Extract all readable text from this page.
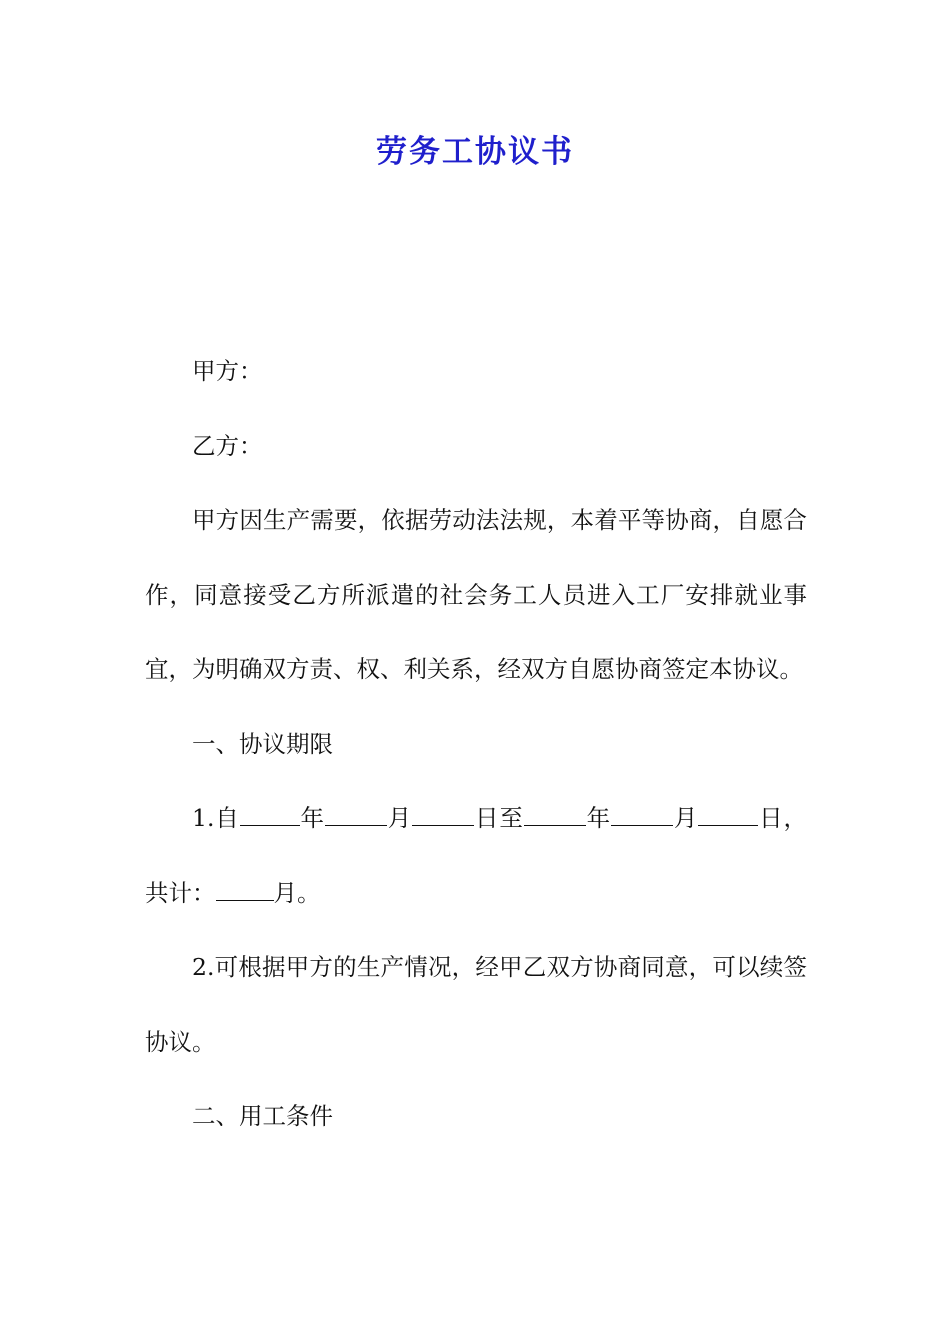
劳务工协议书

甲方：

乙方：

甲方因生产需要，依据劳动法法规，本着平等协商，自愿合作，同意接受乙方所派遣的社会务工人员进入工厂安排就业事宜，为明确双方责、权、利关系，经双方自愿协商签定本协议。

一、协议期限

1.自	年	月	日至	年	月	日，共计： 月。

2.可根据甲方的生产情况，经甲乙双方协商同意，可以续签协议。

二、用工条件
